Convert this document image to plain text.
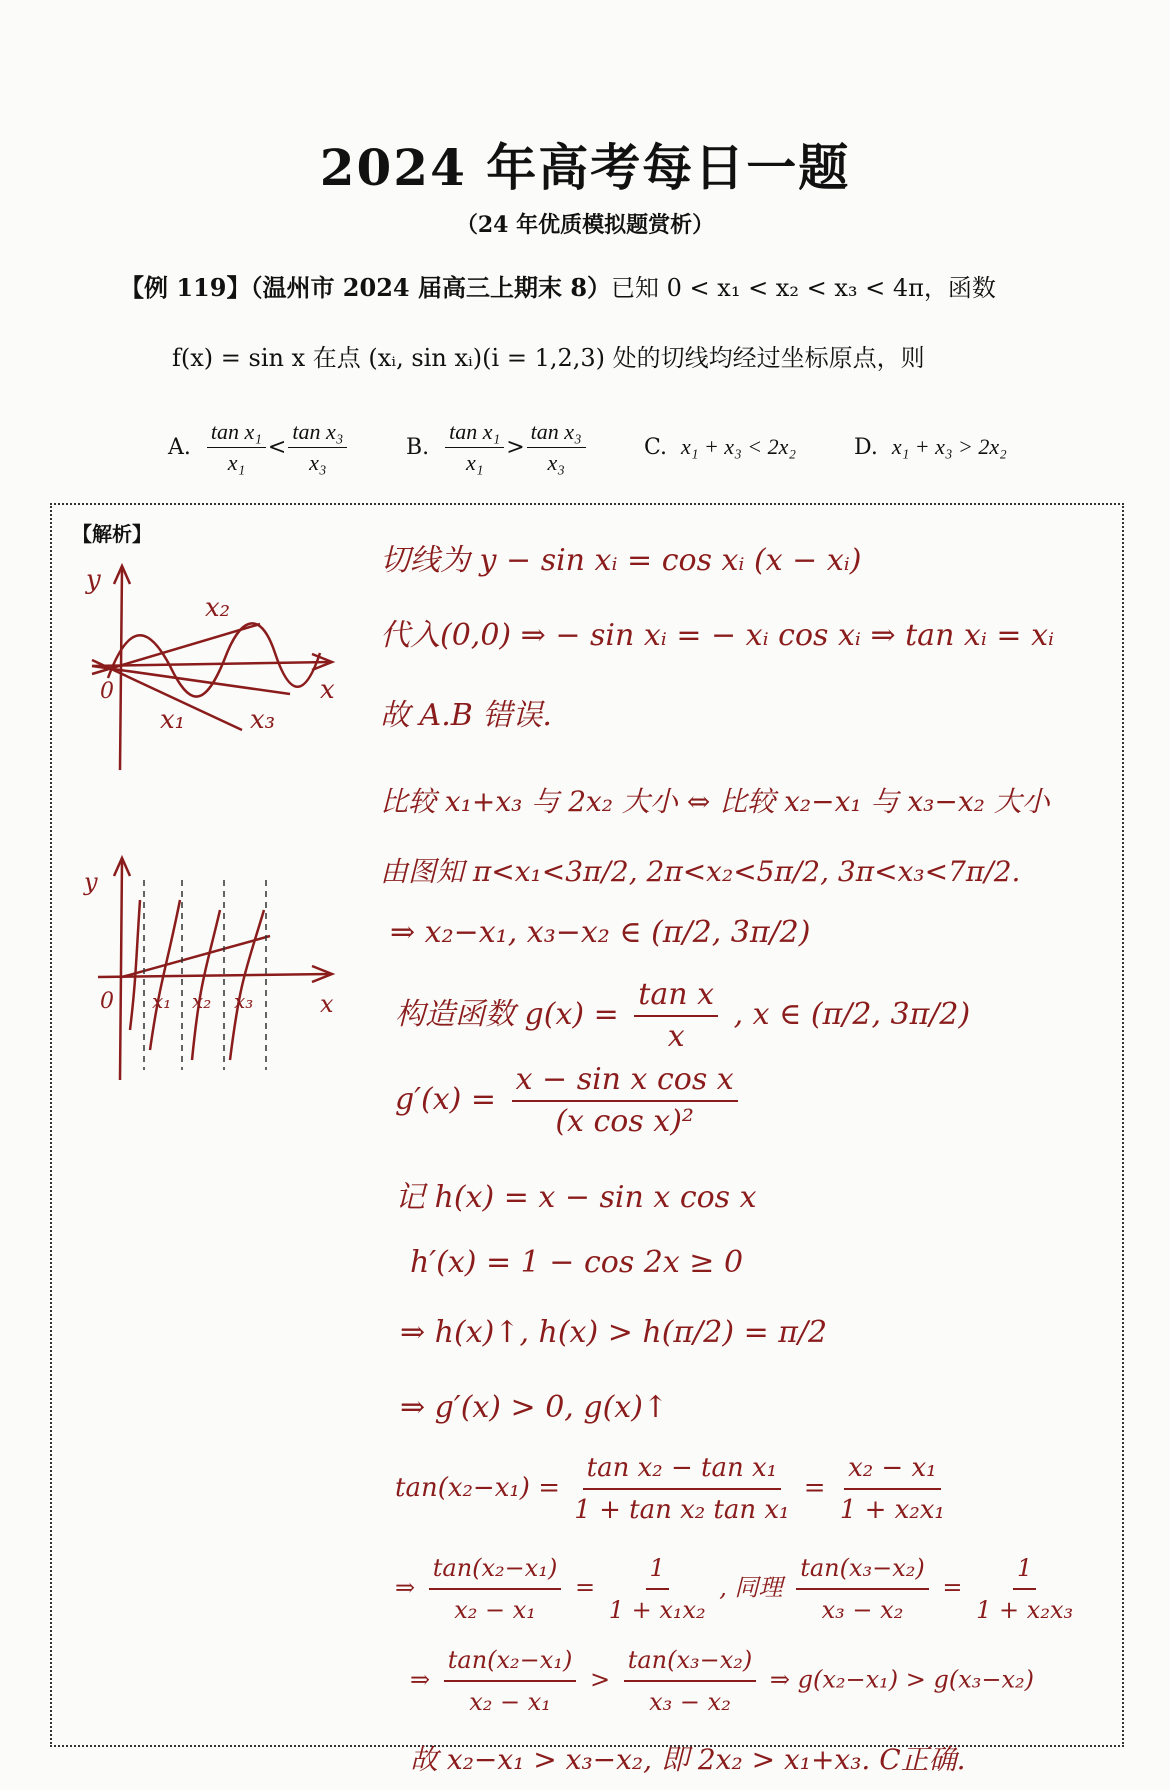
2024 年高考每日一题
（24 年优质模拟题赏析）
【例 119】（温州市 2024 届高三上期末 8）已知 0 < x₁ < x₂ < x₃ < 4π，函数
f(x) = sin x 在点 (xᵢ, sin xᵢ)(i = 1,2,3) 处的切线均经过坐标原点，则
A. $\frac{\text{tan x₁}}{\text{x₁}} < \frac{\text{tan x₃}}{\text{x₃}}$	B. $\frac{\text{tan x₁}}{\text{x₁}} > \frac{\text{tan x₃}}{\text{x₃}}$	C. x₁ + x₃ < 2x₂	D. x₁ + x₃ > 2x₂
【解析】
y
x
0
x₂
x₁ x₃
y
x
0 x₁ x₂ x₃
切线为 y − sin xᵢ = cos xᵢ (x − xᵢ)
代入(0,0) ⇒ − sin xᵢ = − xᵢ cos xᵢ ⇒ tan xᵢ = xᵢ
故 A.B 错误.
比较 x₁+x₃ 与 2x₂ 大小 ⇔ 比较 x₂−x₁ 与 x₃−x₂ 大小
由图知 π<x₁<3π/2, 2π<x₂<5π/2, 3π<x₃<7π/2.
⇒ x₂−x₁, x₃−x₂ ∈ (π/2, 3π/2)
构造函数 $g(x) = \frac{\text{tan x}}{x}$ , x ∈ (π/2, 3π/2)
$g'(x) = \frac{\text{x − sin x cos x}}{\text{(x cos x)²}}$
记 h(x) = x − sin x cos x
h′(x) = 1 − cos 2x ≥ 0
⇒ h(x)↑, h(x) > h(π/2) = π/2
⇒ g′(x) > 0, g(x)↑
$\tan(x_2-x_1) = \frac{\text{tan x₂ − tan x₁}}{\text{1 + tan x₂ tan x₁}} = \frac{\text{x₂ − x₁}}{\text{1 + x₂x₁}}$
⇒ $\frac{\text{tan(x₂−x₁)}}{\text{x₂ − x₁}} = \frac{1}{\text{1 + x₁x₂}}$ , 同理 $\frac{\text{tan(x₃−x₂)}}{\text{x₃ − x₂}} = \frac{1}{\text{1 + x₂x₃}}$
⇒ $\frac{\text{tan(x₂−x₁)}}{\text{x₂ − x₁}} > \frac{\text{tan(x₃−x₂)}}{\text{x₃ − x₂}}$ ⇒ g(x₂−x₁) > g(x₃−x₂)
故 x₂−x₁ > x₃−x₂, 即 2x₂ > x₁+x₃. C正确.
